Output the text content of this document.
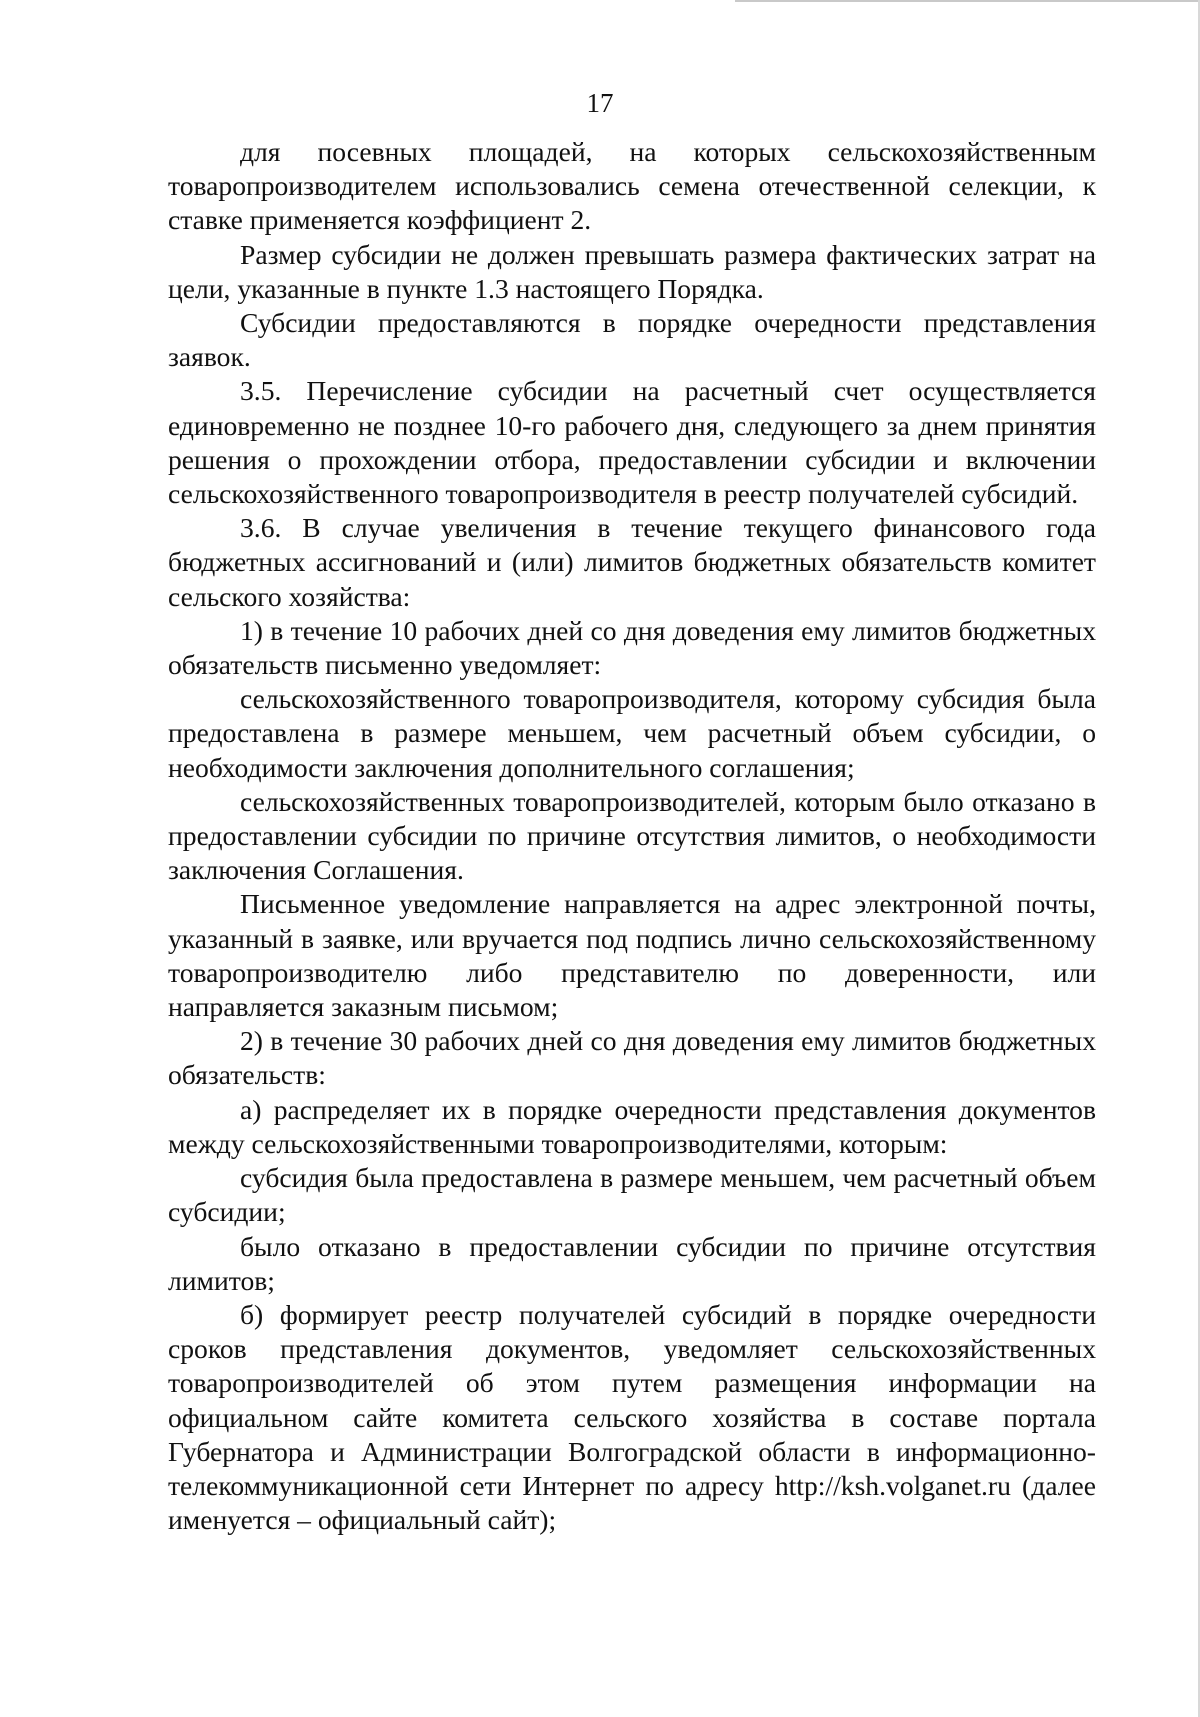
17

для посевных площадей, на которых сельскохозяйственным товаропроизводителем использовались семена отечественной селекции, к ставке применяется коэффициент 2.

Размер субсидии не должен превышать размера фактических затрат на цели, указанные в пункте 1.3 настоящего Порядка.

Субсидии предоставляются в порядке очередности представления заявок.

3.5. Перечисление субсидии на расчетный счет осуществляется единовременно не позднее 10-го рабочего дня, следующего за днем принятия решения о прохождении отбора, предоставлении субсидии и включении сельскохозяйственного товаропроизводителя в реестр получателей субсидий.

3.6. В случае увеличения в течение текущего финансового года бюджетных ассигнований и (или) лимитов бюджетных обязательств комитет сельского хозяйства:

1) в течение 10 рабочих дней со дня доведения ему лимитов бюджетных обязательств письменно уведомляет:

сельскохозяйственного товаропроизводителя, которому субсидия была предоставлена в размере меньшем, чем расчетный объем субсидии, о необходимости заключения дополнительного соглашения;

сельскохозяйственных товаропроизводителей, которым было отказано в предоставлении субсидии по причине отсутствия лимитов, о необходимости заключения Соглашения.

Письменное уведомление направляется на адрес электронной почты, указанный в заявке, или вручается под подпись лично сельскохозяйственному товаропроизводителю либо представителю по доверенности, или направляется заказным письмом;

2) в течение 30 рабочих дней со дня доведения ему лимитов бюджетных обязательств:

а) распределяет их в порядке очередности представления документов между сельскохозяйственными товаропроизводителями, которым:

субсидия была предоставлена в размере меньшем, чем расчетный объем субсидии;

было отказано в предоставлении субсидии по причине отсутствия лимитов;

б) формирует реестр получателей субсидий в порядке очередности сроков представления документов, уведомляет сельскохозяйственных товаропроизводителей об этом путем размещения информации на официальном сайте комитета сельского хозяйства в составе портала Губернатора и Администрации Волгоградской области в информационно-телекоммуникационной сети Интернет по адресу http://ksh.volganet.ru (далее именуется – официальный сайт);
